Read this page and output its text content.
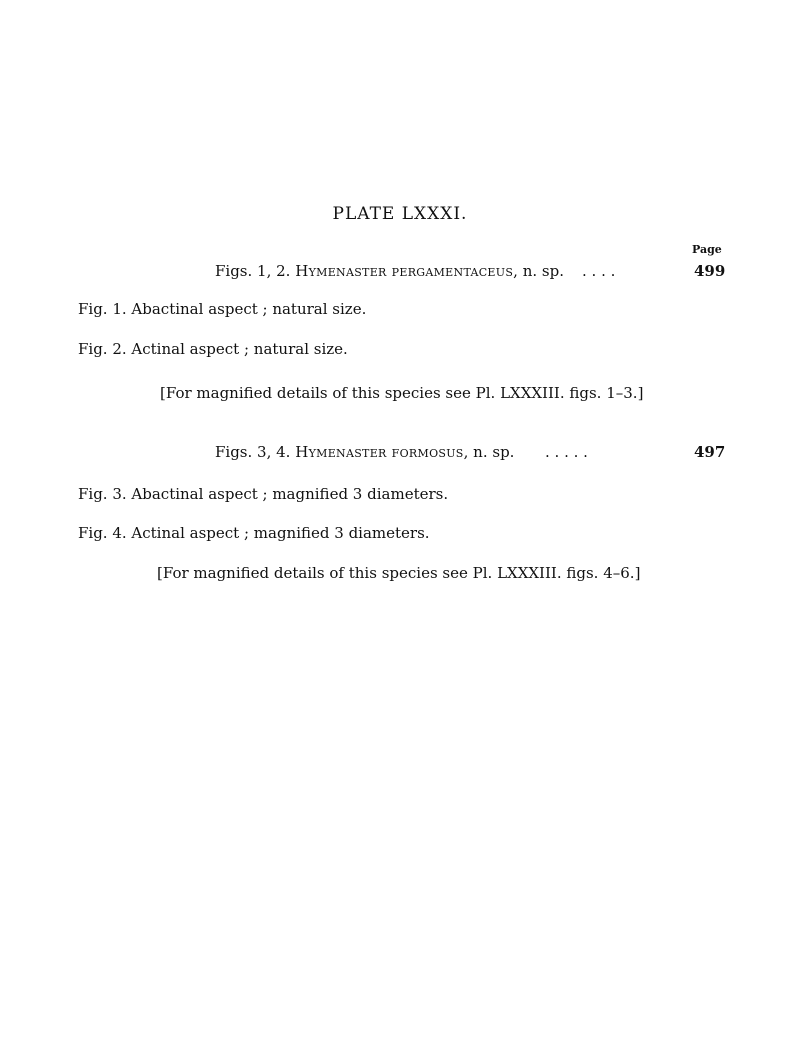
PLATE LXXXI.
Page
Figs. 1, 2. Hymenaster pergamentaceus, n. sp. . . . .	499
Fig. 1. Abactinal aspect ; natural size.
Fig. 2. Actinal aspect ; natural size.
[For magnified details of this species see Pl. LXXXIII. figs. 1–3.]
Figs. 3, 4. Hymenaster formosus, n. sp. . . . . .	497
Fig. 3. Abactinal aspect ; magnified 3 diameters.
Fig. 4. Actinal aspect ; magnified 3 diameters.
[For magnified details of this species see Pl. LXXXIII. figs. 4–6.]
